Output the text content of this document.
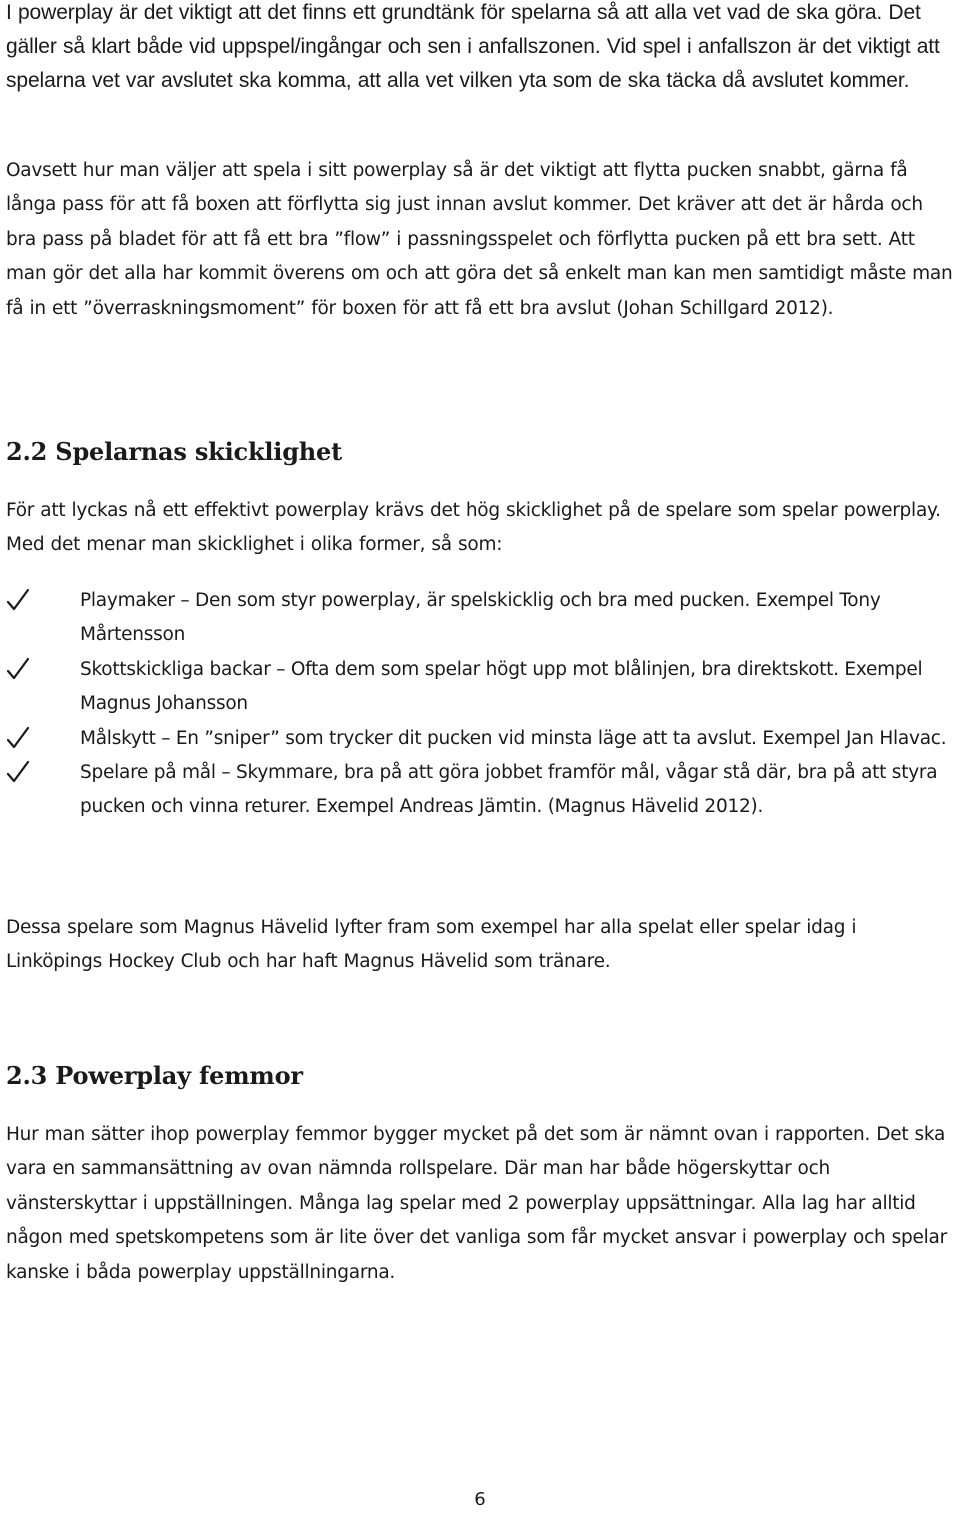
I powerplay är det viktigt att det finns ett grundtänk för spelarna så att alla vet vad de ska göra. Det gäller så klart både vid uppspel/ingångar och sen i anfallszonen. Vid spel i anfallszon är det viktigt att spelarna vet var avslutet ska komma, att alla vet vilken yta som de ska täcka då avslutet kommer.

Oavsett hur man väljer att spela i sitt powerplay så är det viktigt att flytta pucken snabbt, gärna få långa pass för att få boxen att förflytta sig just innan avslut kommer. Det kräver att det är hårda och bra pass på bladet för att få ett bra ”flow” i passningsspelet och förflytta pucken på ett bra sett. Att man gör det alla har kommit överens om och att göra det så enkelt man kan men samtidigt måste man få in ett ”överraskningsmoment” för boxen för att få ett bra avslut (Johan Schillgard 2012).

2.2 Spelarnas skicklighet

För att lyckas nå ett effektivt powerplay krävs det hög skicklighet på de spelare som spelar powerplay. Med det menar man skicklighet i olika former, så som:

Playmaker – Den som styr powerplay, är spelskicklig och bra med pucken. Exempel Tony Mårtensson
Skottskickliga backar – Ofta dem som spelar högt upp mot blålinjen, bra direktskott. Exempel Magnus Johansson
Målskytt – En ”sniper” som trycker dit pucken vid minsta läge att ta avslut. Exempel Jan Hlavac.
Spelare på mål – Skymmare, bra på att göra jobbet framför mål, vågar stå där, bra på att styra pucken och vinna returer. Exempel Andreas Jämtin. (Magnus Hävelid 2012).

Dessa spelare som Magnus Hävelid lyfter fram som exempel har alla spelat eller spelar idag i Linköpings Hockey Club och har haft Magnus Hävelid som tränare.

2.3 Powerplay femmor

Hur man sätter ihop powerplay femmor bygger mycket på det som är nämnt ovan i rapporten. Det ska vara en sammansättning av ovan nämnda rollspelare. Där man har både högerskyttar och vänsterskyttar i uppställningen. Många lag spelar med 2 powerplay uppsättningar. Alla lag har alltid någon med spetskompetens som är lite över det vanliga som får mycket ansvar i powerplay och spelar kanske i båda powerplay uppställningarna.

6
